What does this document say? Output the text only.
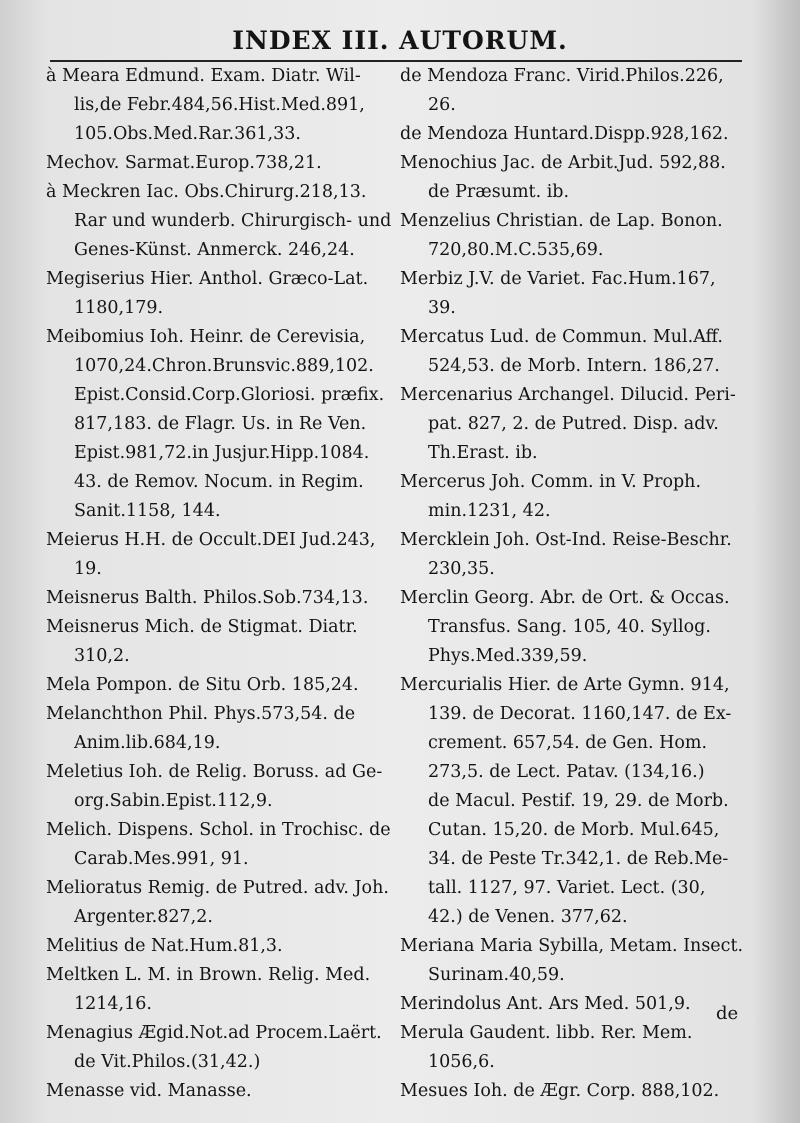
INDEX III. AUTORUM.
à Meara Edmund. Exam. Diatr. Wil-
lis,de Febr.484,56.Hist.Med.891,
105.Obs.Med.Rar.361,33.
Mechov. Sarmat.Europ.738,21.
à Meckren Iac. Obs.Chirurg.218,13.
Rar und wunderb. Chirurgisch- und
Genes-Künst. Anmerck. 246,24.
Megiserius Hier. Anthol. Græco-Lat.
1180,179.
Meibomius Ioh. Heinr. de Cerevisia,
1070,24.Chron.Brunsvic.889,102.
Epist.Consid.Corp.Gloriosi. præfix.
817,183. de Flagr. Us. in Re Ven.
Epist.981,72.in Jusjur.Hipp.1084.
43. de Remov. Nocum. in Regim.
Sanit.1158, 144.
Meierus H.H. de Occult.DEI Jud.243,
19.
Meisnerus Balth. Philos.Sob.734,13.
Meisnerus Mich. de Stigmat. Diatr.
310,2.
Mela Pompon. de Situ Orb. 185,24.
Melanchthon Phil. Phys.573,54. de
Anim.lib.684,19.
Meletius Ioh. de Relig. Boruss. ad Ge-
org.Sabin.Epist.112,9.
Melich. Dispens. Schol. in Trochisc. de
Carab.Mes.991, 91.
Melioratus Remig. de Putred. adv. Joh.
Argenter.827,2.
Melitius de Nat.Hum.81,3.
Meltken L. M. in Brown. Relig. Med.
1214,16.
Menagius Ægid.Not.ad Procem.Laërt.
de Vit.Philos.(31,42.)
Menasse vid. Manasse.
de Mendoza Franc. Virid.Philos.226,
26.
de Mendoza Huntard.Dispp.928,162.
Menochius Jac. de Arbit.Jud. 592,88.
de Præsumt. ib.
Menzelius Christian. de Lap. Bonon.
720,80.M.C.535,69.
Merbiz J.V. de Variet. Fac.Hum.167,
39.
Mercatus Lud. de Commun. Mul.Aff.
524,53. de Morb. Intern. 186,27.
Mercenarius Archangel. Dilucid. Peri-
pat. 827, 2. de Putred. Disp. adv.
Th.Erast. ib.
Mercerus Joh. Comm. in V. Proph.
min.1231, 42.
Mercklein Joh. Ost-Ind. Reise-Beschr.
230,35.
Merclin Georg. Abr. de Ort. & Occas.
Transfus. Sang. 105, 40. Syllog.
Phys.Med.339,59.
Mercurialis Hier. de Arte Gymn. 914,
139. de Decorat. 1160,147. de Ex-
crement. 657,54. de Gen. Hom.
273,5. de Lect. Patav. (134,16.)
de Macul. Pestif. 19, 29. de Morb.
Cutan. 15,20. de Morb. Mul.645,
34. de Peste Tr.342,1. de Reb.Me-
tall. 1127, 97. Variet. Lect. (30,
42.) de Venen. 377,62.
Meriana Maria Sybilla, Metam. Insect.
Surinam.40,59.
Merindolus Ant. Ars Med. 501,9.
Merula Gaudent. libb. Rer. Mem.
1056,6.
Mesues Ioh. de Ægr. Corp. 888,102.
de
